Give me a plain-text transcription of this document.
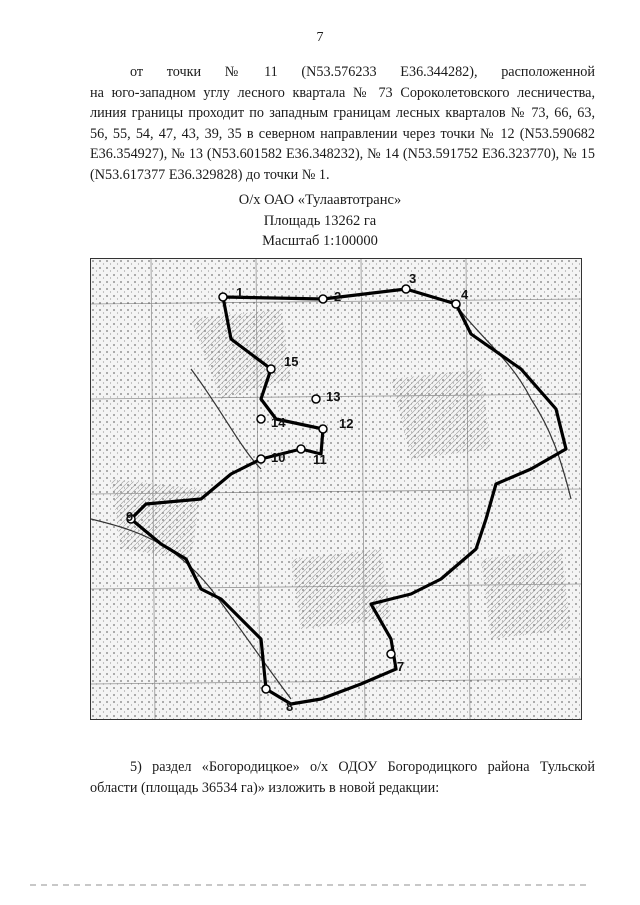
7
от точки № 11 (N53.576233 E36.344282), расположенной на юго-западном углу лесного квартала № 73 Сороколетовского лесничества, линия границы проходит по западным границам лесных кварталов № 73, 66, 63, 56, 55, 54, 47, 43, 39, 35 в северном направлении через точки № 12 (N53.590682 E36.354927), № 13 (N53.601582 E36.348232), № 14 (N53.591752 E36.323770), № 15 (N53.617377 E36.329828) до точки № 1.
О/х ОАО «Тулаавтотранс»
Площадь 13262 га
Масштаб 1:100000
1	2
3
4
15
14
13
12
10 11
9
8
7
5) раздел «Богородицкое» о/х ОДОУ Богородицкого района Тульской области (площадь 36534 га)» изложить в новой редакции:
